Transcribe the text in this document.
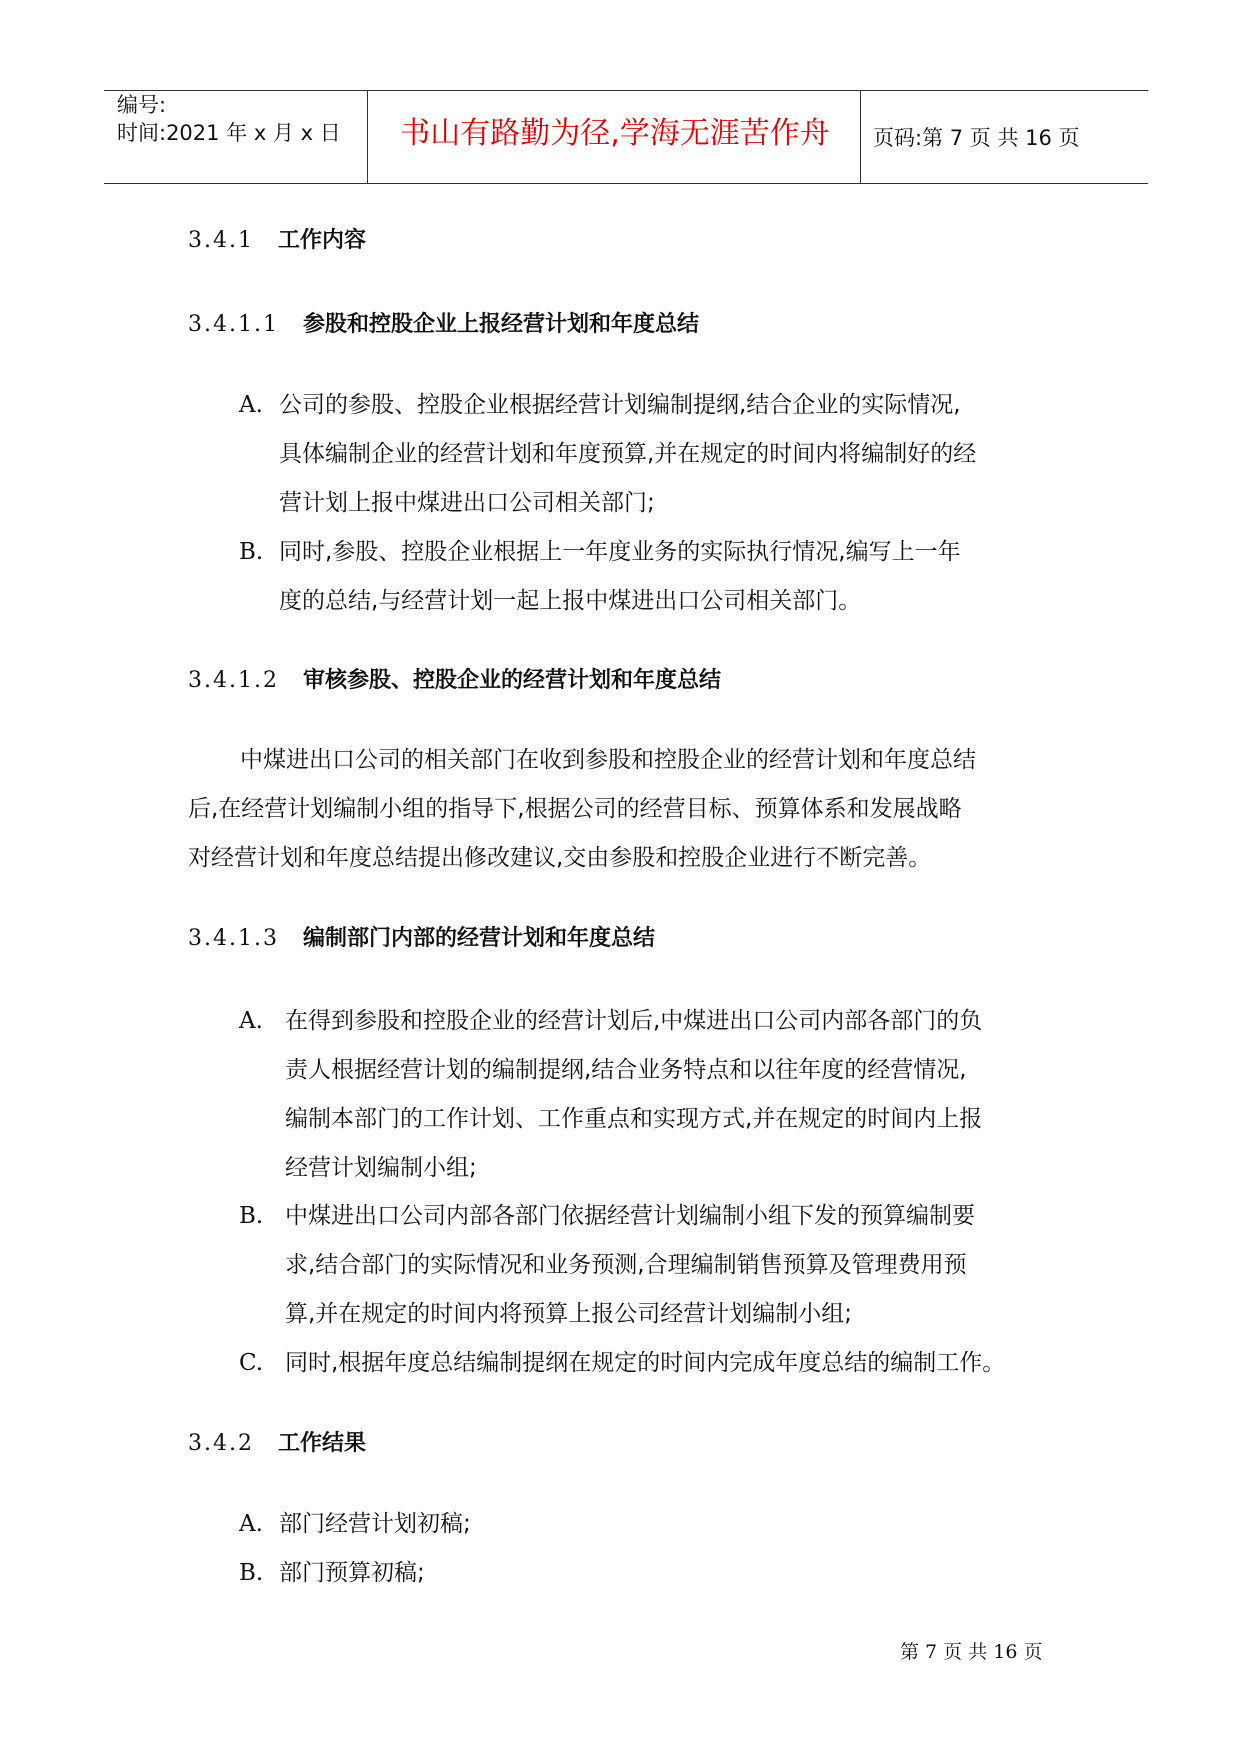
编号:
时间:2021 年 x 月 x 日	书山有路勤为径,学海无涯苦作舟	页码:第 7 页 共 16 页
3.4.1 工作内容
3.4.1.1 参股和控股企业上报经营计划和年度总结
A. 公司的参股、控股企业根据经营计划编制提纲,结合企业的实际情况,
具体编制企业的经营计划和年度预算,并在规定的时间内将编制好的经
营计划上报中煤进出口公司相关部门;
B. 同时,参股、控股企业根据上一年度业务的实际执行情况,编写上一年
度的总结,与经营计划一起上报中煤进出口公司相关部门。
3.4.1.2 审核参股、控股企业的经营计划和年度总结
中煤进出口公司的相关部门在收到参股和控股企业的经营计划和年度总结
后,在经营计划编制小组的指导下,根据公司的经营目标、预算体系和发展战略
对经营计划和年度总结提出修改建议,交由参股和控股企业进行不断完善。
3.4.1.3 编制部门内部的经营计划和年度总结
A. 在得到参股和控股企业的经营计划后,中煤进出口公司内部各部门的负
责人根据经营计划的编制提纲,结合业务特点和以往年度的经营情况,
编制本部门的工作计划、工作重点和实现方式,并在规定的时间内上报
经营计划编制小组;
B. 中煤进出口公司内部各部门依据经营计划编制小组下发的预算编制要
求,结合部门的实际情况和业务预测,合理编制销售预算及管理费用预
算,并在规定的时间内将预算上报公司经营计划编制小组;
C. 同时,根据年度总结编制提纲在规定的时间内完成年度总结的编制工作。
3.4.2 工作结果
A. 部门经营计划初稿;
B. 部门预算初稿;
第 7 页 共 16 页
